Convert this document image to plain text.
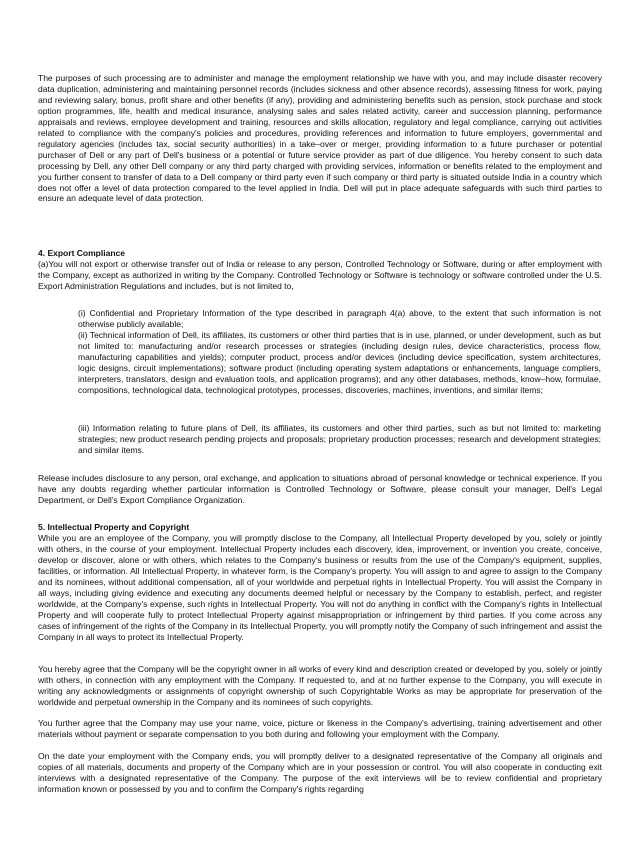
The purposes of such processing are to administer and manage the employment relationship we have with you, and may include disaster recovery data duplication, administering and maintaining personnel records (includes sickness and other absence records), assessing fitness for work, paying and reviewing salary, bonus, profit share and other benefits (if any), providing and administering benefits such as pension, stock purchase and stock option programmes, life, health and medical insurance, analysing sales and sales related activity, career and succession planning, performance appraisals and reviews, employee development and training, resources and skills allocation, regulatory and legal compliance, carrying out activities related to compliance with the company's policies and procedures, providing references and information to future employers, governmental and regulatory agencies (includes tax, social security authorities) in a take–over or merger, providing information to a future purchaser or potential purchaser of Dell or any part of Dell's business or a potential or future service provider as part of due diligence. You hereby consent to such data processing by Dell, any other Dell company or any third party charged with providing services, information or benefits related to the employment and you further consent to transfer of data to a Dell company or third party even if such company or third party is situated outside India in a country which does not offer a level of data protection compared to the level applied in India. Dell will put in place adequate safeguards with such third parties to ensure an adequate level of data protection.

4. Export Compliance

(a)You will not export or otherwise transfer out of India or release to any person, Controlled Technology or Software, during or after employment with the Company, except as authorized in writing by the Company. Controlled Technology or Software is technology or software controlled under the U.S. Export Administration Regulations and includes, but is not limited to,

(i) Confidential and Proprietary Information of the type described in paragraph 4(a) above, to the extent that such information is not otherwise publicly available;

(ii) Technical information of Dell, its affiliates, its customers or other third parties that is in use, planned, or under development, such as but not limited to: manufacturing and/or research processes or strategies (including design rules, device characteristics, process flow, manufacturing capabilities and yields); computer product, process and/or devices (including device specification, system architectures, logic designs, circuit implementations); software product (including operating system adaptations or enhancements, language compliers, interpreters, translators, design and evaluation tools, and application programs); and any other databases, methods, know–how, formulae, compositions, technological data, technological prototypes, processes, discoveries, machines, inventions, and similar items;

(iii) Information relating to future plans of Dell, its affiliates, its customers and other third parties, such as but not limited to: marketing strategies; new product research pending projects and proposals; proprietary production processes; research and development strategies; and similar items.

Release includes disclosure to any person, oral exchange, and application to situations abroad of personal knowledge or technical experience. If you have any doubts regarding whether particular information is Controlled Technology or Software, please consult your manager, Dell's Legal Department, or Dell's Export Compliance Organization.

5. Intellectual Property and Copyright

While you are an employee of the Company, you will promptly disclose to the Company, all Intellectual Property developed by you, solely or jointly with others, in the course of your employment. Intellectual Property includes each discovery, idea, improvement, or invention you create, conceive, develop or discover, alone or with others, which relates to the Company's business or results from the use of the Company's equipment, supplies, facilities, or information. All Intellectual Property, in whatever form, is the Company's property. You will assign to and agree to assign to the Company and its nominees, without additional compensation, all of your worldwide and perpetual rights in Intellectual Property. You will assist the Company in all ways, including giving evidence and executing any documents deemed helpful or necessary by the Company to establish, perfect, and register worldwide, at the Company's expense, such rights in Intellectual Property. You will not do anything in conflict with the Company's rights in Intellectual Property and will cooperate fully to protect Intellectual Property against misappropriation or infringement by third parties. If you come across any cases of infringement of the rights of the Company in its Intellectual Property, you will promptly notify the Company of such infringement and assist the Company in all ways to protect its Intellectual Property.

You hereby agree that the Company will be the copyright owner in all works of every kind and description created or developed by you, solely or jointly with others, in connection with any employment with the Company. If requested to, and at no further expense to the Company, you will execute in writing any acknowledgments or assignments of copyright ownership of such Copyrightable Works as may be appropriate for preservation of the worldwide and perpetual ownership in the Company and its nominees of such copyrights.

You further agree that the Company may use your name, voice, picture or likeness in the Company's advertising, training advertisement and other materials without payment or separate compensation to you both during and following your employment with the Company.

On the date your employment with the Company ends, you will promptly deliver to a designated representative of the Company all originals and copies of all materials, documents and property of the Company which are in your possession or control. You will also cooperate in conducting exit interviews with a designated representative of the Company. The purpose of the exit interviews will be to review confidential and proprietary information known or possessed by you and to confirm the Company's rights regarding
